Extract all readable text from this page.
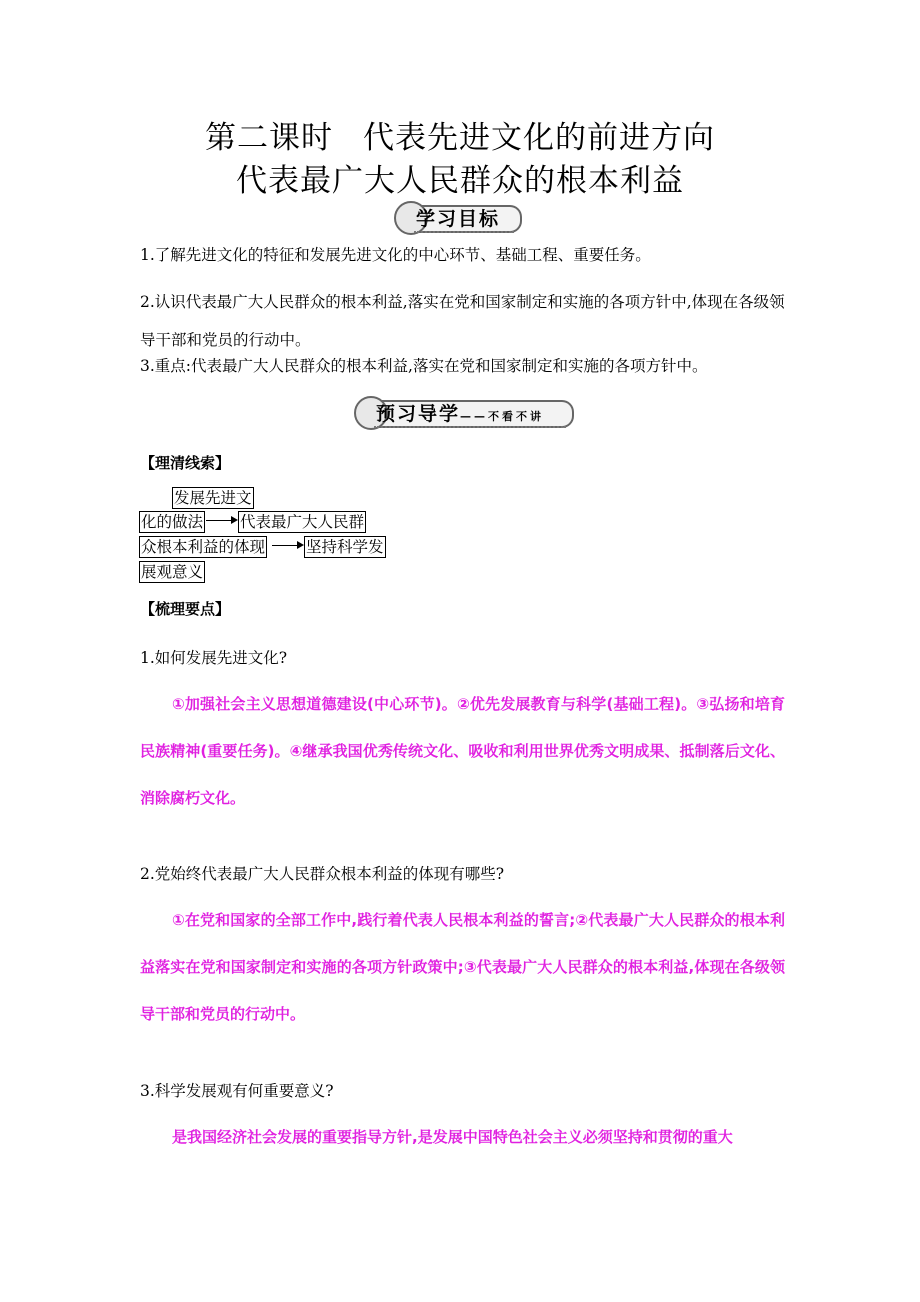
第二课时 代表先进文化的前进方向
代表最广大人民群众的根本利益
学习目标
1.了解先进文化的特征和发展先进文化的中心环节、基础工程、重要任务。
2.认识代表最广大人民群众的根本利益,落实在党和国家制定和实施的各项方针中,体现在各级领导干部和党员的行动中。
3.重点:代表最广大人民群众的根本利益,落实在党和国家制定和实施的各项方针中。
预习导学——不看不讲
【理清线索】
发展先进文
化的做法 代表最广大人民群
众根本利益的体现	坚持科学发
展观意义
【梳理要点】
1.如何发展先进文化?
①加强社会主义思想道德建设(中心环节)。②优先发展教育与科学(基础工程)。③弘扬和培育民族精神(重要任务)。④继承我国优秀传统文化、吸收和利用世界优秀文明成果、抵制落后文化、消除腐朽文化。
2.党始终代表最广大人民群众根本利益的体现有哪些?
①在党和国家的全部工作中,践行着代表人民根本利益的誓言;②代表最广大人民群众的根本利益落实在党和国家制定和实施的各项方针政策中;③代表最广大人民群众的根本利益,体现在各级领导干部和党员的行动中。
3.科学发展观有何重要意义?
是我国经济社会发展的重要指导方针,是发展中国特色社会主义必须坚持和贯彻的重大
